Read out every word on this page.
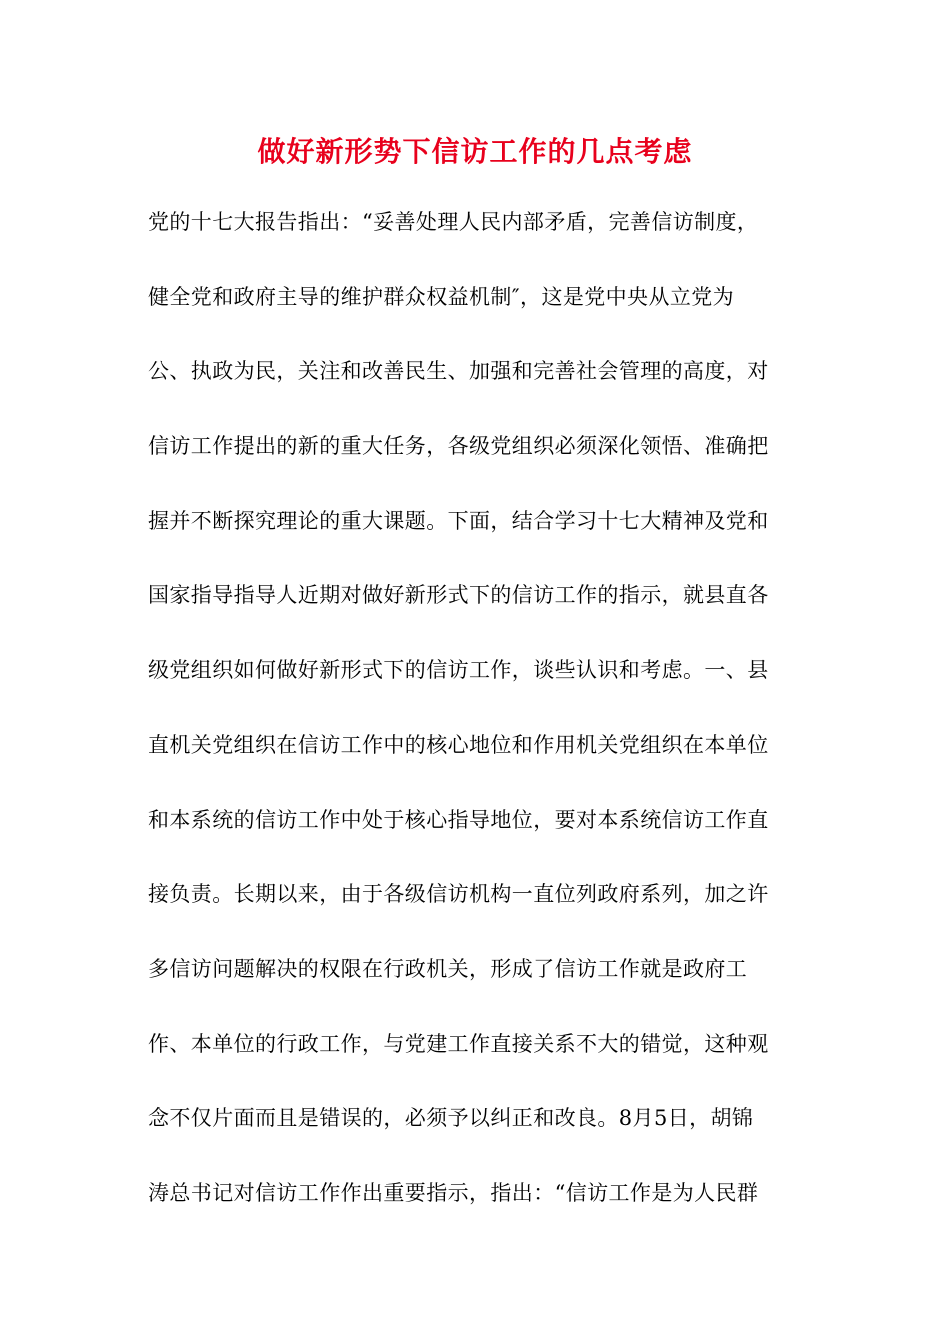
做好新形势下信访工作的几点考虑
党的十七大报告指出：“妥善处理人民内部矛盾，完善信访制度，
健全党和政府主导的维护群众权益机制″，这是党中央从立党为
公、执政为民，关注和改善民生、加强和完善社会管理的高度，对
信访工作提出的新的重大任务，各级党组织必须深化领悟、准确把
握并不断探究理论的重大课题。下面，结合学习十七大精神及党和
国家指导指导人近期对做好新形式下的信访工作的指示，就县直各
级党组织如何做好新形式下的信访工作，谈些认识和考虑。一、县
直机关党组织在信访工作中的核心地位和作用机关党组织在本单位
和本系统的信访工作中处于核心指导地位，要对本系统信访工作直
接负责。长期以来，由于各级信访机构一直位列政府系列，加之许
多信访问题解决的权限在行政机关，形成了信访工作就是政府工
作、本单位的行政工作，与党建工作直接关系不大的错觉，这种观
念不仅片面而且是错误的，必须予以纠正和改良。8月5日，胡锦
涛总书记对信访工作作出重要指示，指出：“信访工作是为人民群
